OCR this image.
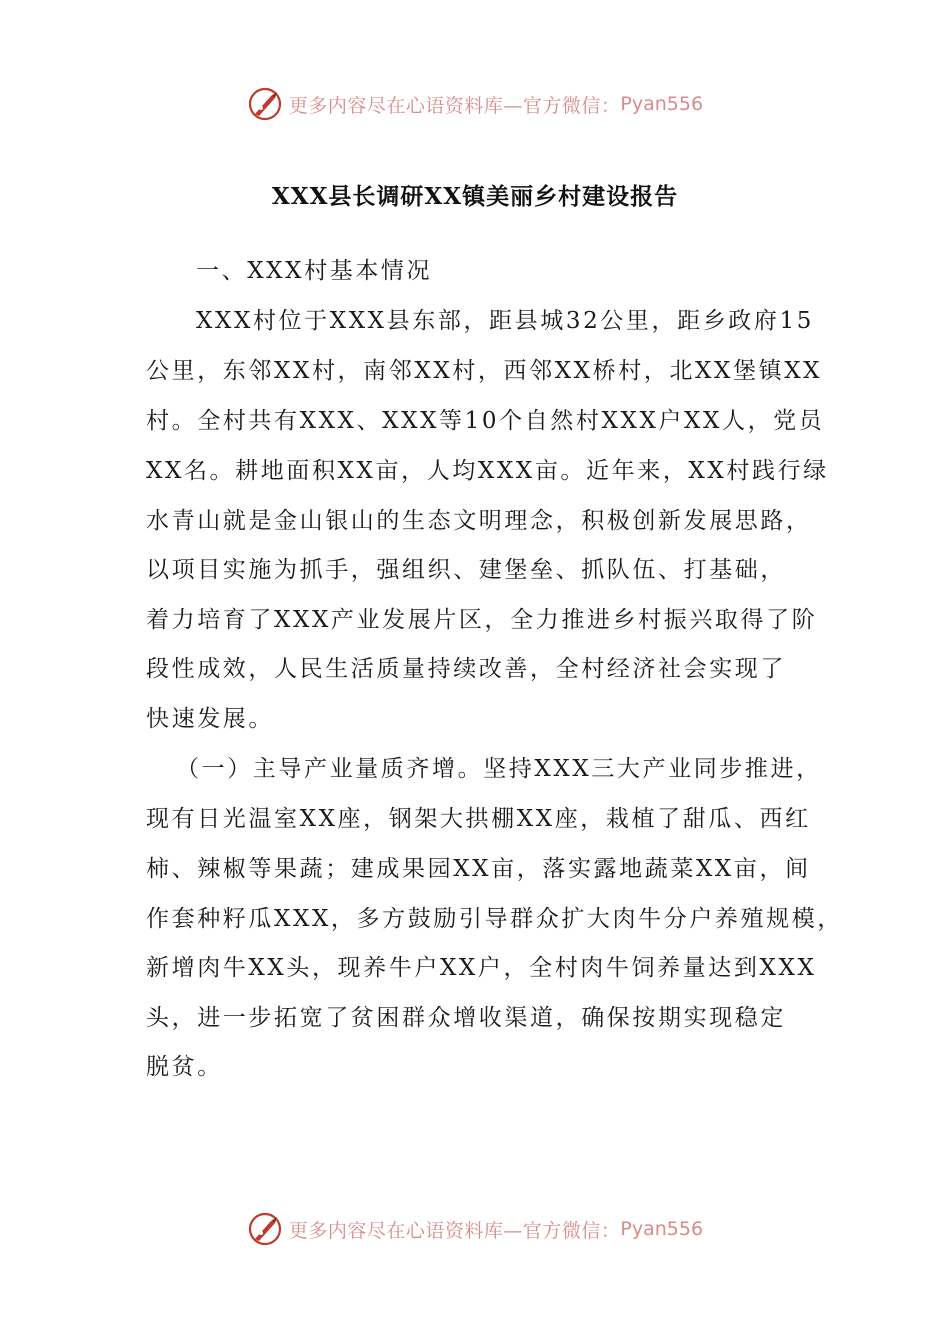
更多内容尽在心语资料库—官方微信： Pyan556
XXX县长调研XX镇美丽乡村建设报告
一、XXX村基本情况
XXX村位于XXX县东部，距县城32公里，距乡政府15
公里，东邻XX村，南邻XX村，西邻XX桥村，北XX堡镇XX
村。全村共有XXX、XXX等10个自然村XXX户XX人，党员
XX名。耕地面积XX亩，人均XXX亩。近年来，XX村践行绿
水青山就是金山银山的生态文明理念，积极创新发展思路，
以项目实施为抓手，强组织、建堡垒、抓队伍、打基础，
着力培育了XXX产业发展片区，全力推进乡村振兴取得了阶
段性成效，人民生活质量持续改善，全村经济社会实现了
快速发展。
（一）主导产业量质齐增。坚持XXX三大产业同步推进，
现有日光温室XX座，钢架大拱棚XX座，栽植了甜瓜、西红
柿、辣椒等果蔬；建成果园XX亩，落实露地蔬菜XX亩，间
作套种籽瓜XXX，多方鼓励引导群众扩大肉牛分户养殖规模，
新增肉牛XX头，现养牛户XX户，全村肉牛饲养量达到XXX
头，进一步拓宽了贫困群众增收渠道，确保按期实现稳定
脱贫。
更多内容尽在心语资料库—官方微信： Pyan556
